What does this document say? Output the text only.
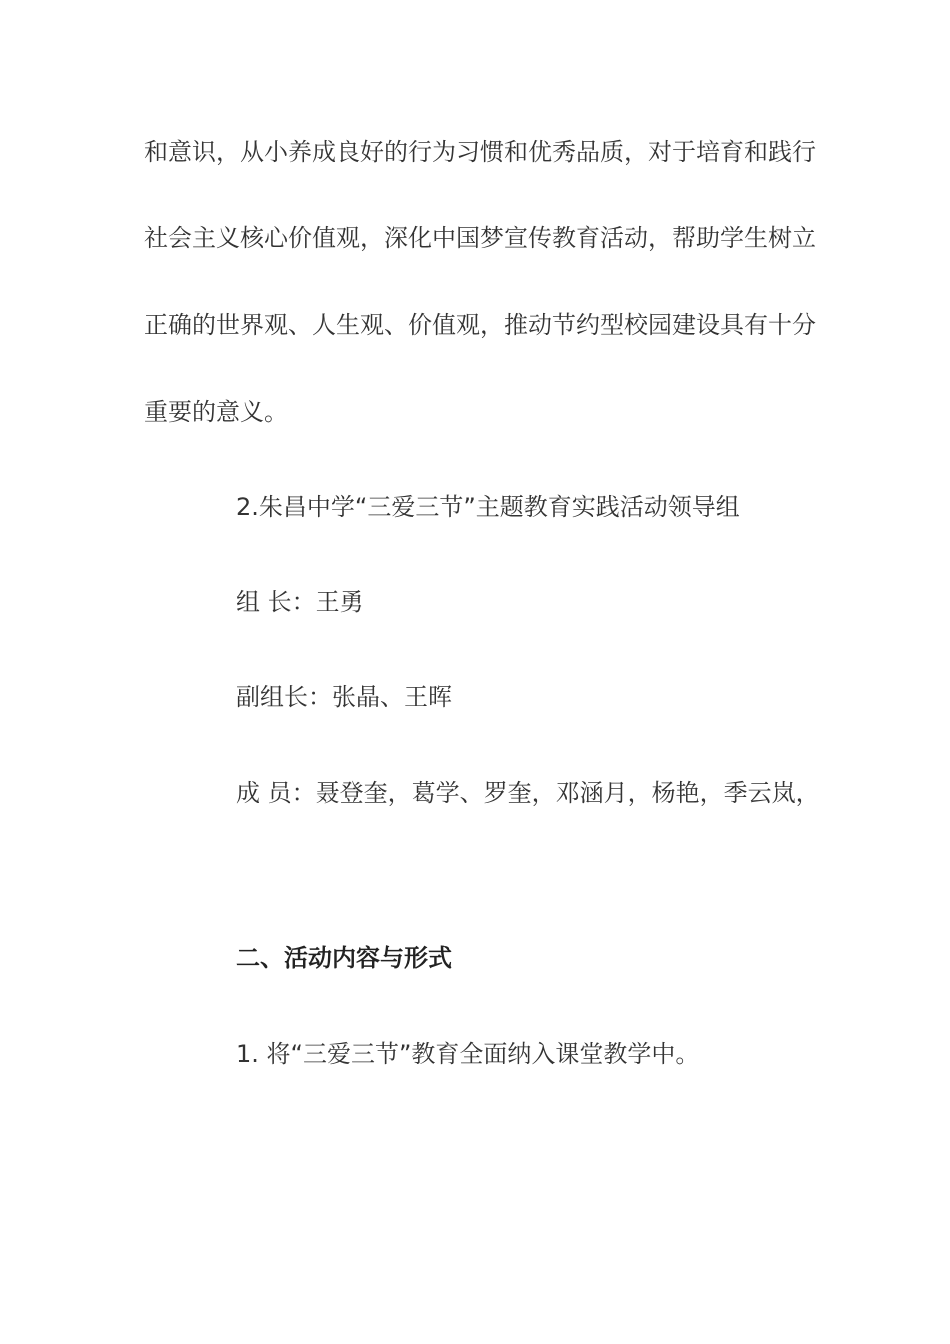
和意识，从小养成良好的行为习惯和优秀品质，对于培育和践行
社会主义核心价值观，深化中国梦宣传教育活动，帮助学生树立
正确的世界观、人生观、价值观，推动节约型校园建设具有十分
重要的意义。
2.朱昌中学“三爱三节”主题教育实践活动领导组
组 长：王勇
副组长：张晶、王晖
成 员：聂登奎，葛学、罗奎，邓涵月，杨艳，季云岚，
二、活动内容与形式
1. 将“三爱三节”教育全面纳入课堂教学中。
